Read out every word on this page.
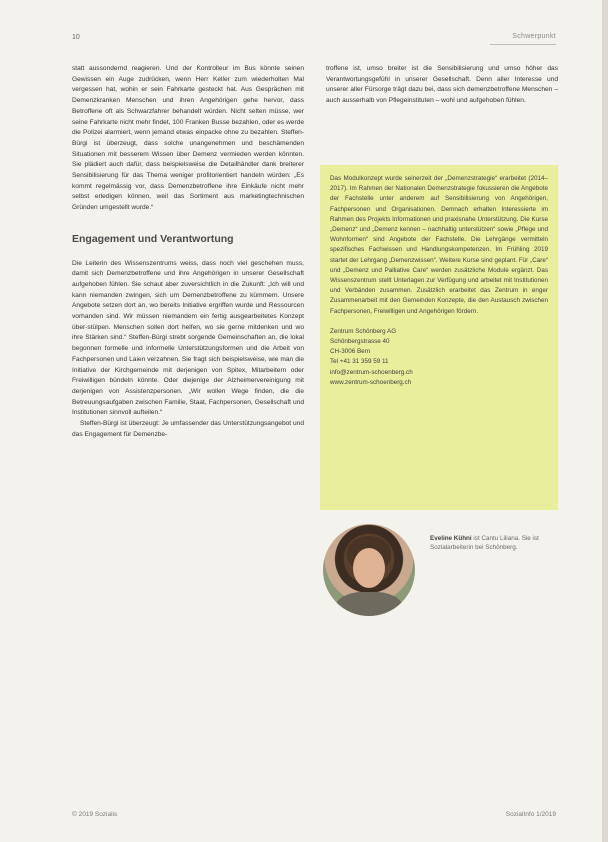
10	Schwerpunkt

statt aussondernd reagieren. Und der Kontrolleur im Bus könnte seinen Gewissen ein Auge zudrücken, wenn Herr Keller zum wiederholten Mal vergessen hat, wohin er sein Fahrkarte gesteckt hat. Aus Gesprächen mit Demenzkranken Menschen und ihren Angehörigen gehe hervor, dass Betroffene oft als Schwarzfahrer behandelt würden. Nicht selten müsse, wer seine Fahrkarte nicht mehr findet, 100 Franken Busse bezahlen, oder es werde die Polizei alarmiert, wenn jemand etwas einpacke ohne zu bezahlen. Steffen-Bürgi ist überzeugt, dass solche unangenehmen und beschämenden Situationen mit besserem Wissen über Demenz vermieden werden könnten. Sie plädiert auch dafür, dass beispielsweise die Detailhändler dank breiterer Sensibilisierung für das Thema weniger profitorientiert handeln würden: „Es kommt regelmässig vor, dass Demenzbetroffene ihre Einkäufe nicht mehr selbst erledigen können, weil das Sortiment aus marketingtechnischen Gründen umgestellt wurde.“

Engagement und Verantwortung

Die Leiterin des Wissenszentrums weiss, dass noch viel geschehen muss, damit sich Demenzbetroffene und ihre Angehörigen in unserer Gesellschaft aufgehoben fühlen. Sie schaut aber zuversichtlich in die Zukunft: „Ich will und kann niemanden zwingen, sich um Demenzbetroffene zu kümmern. Unsere Angebote setzen dort an, wo bereits Initiative ergriffen wurde und Ressourcen vorhanden sind. Wir müssen niemandem ein fertig ausgearbeitetes Konzept über-stülpen. Menschen sollen dort helfen, wo sie gerne mitdenken und wo ihre Stärken sind.“ Steffen-Bürgi strebt sorgende Gemeinschaften an, die lokal begonnen formelle und informelle Unterstützungsformen und die Arbeit von Fachpersonen und Laien verzahnen. Sie fragt sich beispielsweise, wie man die Initiative der Kirchgemeinde mit derjenigen von Spitex, Mitarbeitern oder Freiwilligen bündeln könnte. Oder diejenige der Alzheimervereinigung mit derjenigen von Assistenzpersonen. „Wir wollen Wege finden, die die Betreuungsaufgaben zwischen Familie, Staat, Fachpersonen, Gesellschaft und Institutionen sinnvoll aufteilen.“

Steffen-Bürgi ist überzeugt: Je umfassender das Unterstützungsangebot und das Engagement für Demenzbe-

troffene ist, umso breiter ist die Sensibilisierung und umso höher das Verantwortungsgefühl in unserer Gesellschaft. Denn aller Interesse und unserer aller Fürsorge trägt dazu bei, dass sich demenzbetroffene Menschen – auch ausserhalb von Pflegeinstituten – wohl und aufgehoben fühlen.

Das Modulkonzept wurde seinerzeit der „Demenzstrategie“ erarbeitet (2014–2017). Im Rahmen der Nationalen Demenzstrategie fokussieren die Angebote der Fachstelle unter anderem auf Sensibilisierung von Angehörigen, Fachpersonen und Organisationen. Demnach erhalten Interessierte im Rahmen des Projekts Informationen und praxisnahe Unterstützung. Die Kurse „Demenz“ und „Demenz kennen – nachhaltig unterstützen“ sowie „Pflege und Wohnformen“ sind Angebote der Fachstelle. Die Lehrgänge vermitteln spezifisches Fachwissen und Handlungskompetenzen. Im Frühling 2019 startet der Lehrgang „Demenzwissen“. Weitere Kurse sind geplant. Für „Care“ und „Demenz und Palliative Care“ werden zusätzliche Module ergänzt. Das Wissenszentrum stellt Unterlagen zur Verfügung und arbeitet mit Institutionen und Verbänden zusammen. Zusätzlich erarbeitet das Zentrum in enger Zusammenarbeit mit den Gemeinden Konzepte, die den Austausch zwischen Fachpersonen, Freiwilligen und Angehörigen fördern.

Zentrum Schönberg AG
Schönbergstrasse 40
CH-3006 Bern
Tel +41 31 359 59 11
info@zentrum-schoenberg.ch
www.zentrum-schoenberg.ch
Eveline Kühni ist Cantu Liliana. Sie ist Sozialarbeiterin bei Schönberg.
© 2019 Sozialis	SozialInfo 1/2019
